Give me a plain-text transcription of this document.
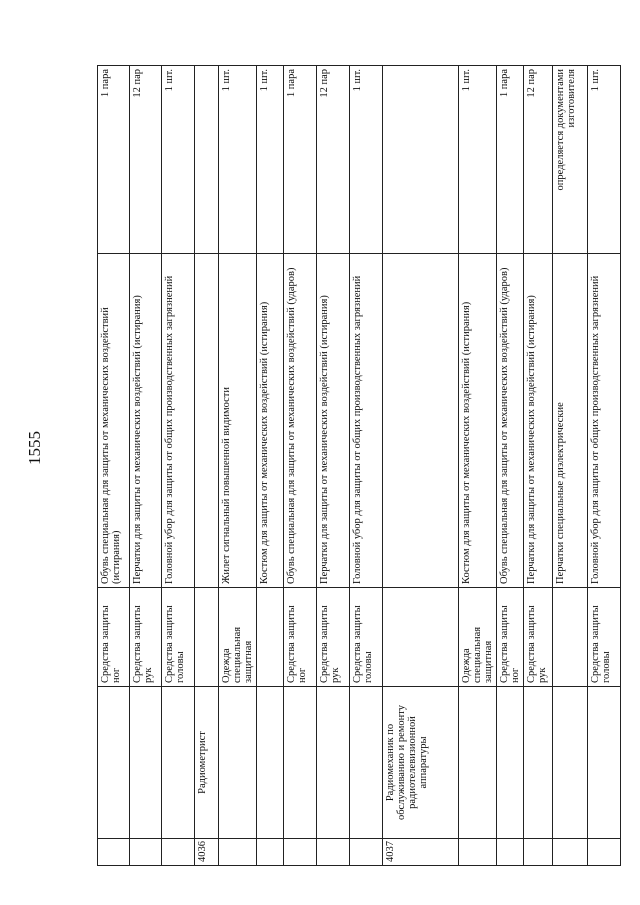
1555
		Средства защиты ног	Обувь специальная для защиты от механических воздействий (истирания)	1 пара
		Средства защиты рук	Перчатки для защиты от механических воздействий (истирания)	12 пар
		Средства защиты головы	Головной убор для защиты от общих производственных загрязнений	1 шт.
4036	Радиометрист			
		Одежда специальная защитная	Жилет сигнальный повышенной видимости	1 шт.
			Костюм для защиты от механических воздействий (истирания)	1 шт.
		Средства защиты ног	Обувь специальная для защиты от механических воздействий (ударов)	1 пара
		Средства защиты рук	Перчатки для защиты от механических воздействий (истирания)	12 пар
		Средства защиты головы	Головной убор для защиты от общих производственных загрязнений	1 шт.
4037	Радиомеханик по обслуживанию и ремонту радиотелевизионной аппаратуры			
		Одежда специальная защитная	Костюм для защиты от механических воздействий (истирания)	1 шт.
		Средства защиты ног	Обувь специальная для защиты от механических воздействий (ударов)	1 пара
		Средства защиты рук	Перчатки для защиты от механических воздействий (истирания)	12 пар
			Перчатки специальные диэлектрические	определяется документами изготовителя
		Средства защиты головы	Головной убор для защиты от общих производственных загрязнений	1 шт.
